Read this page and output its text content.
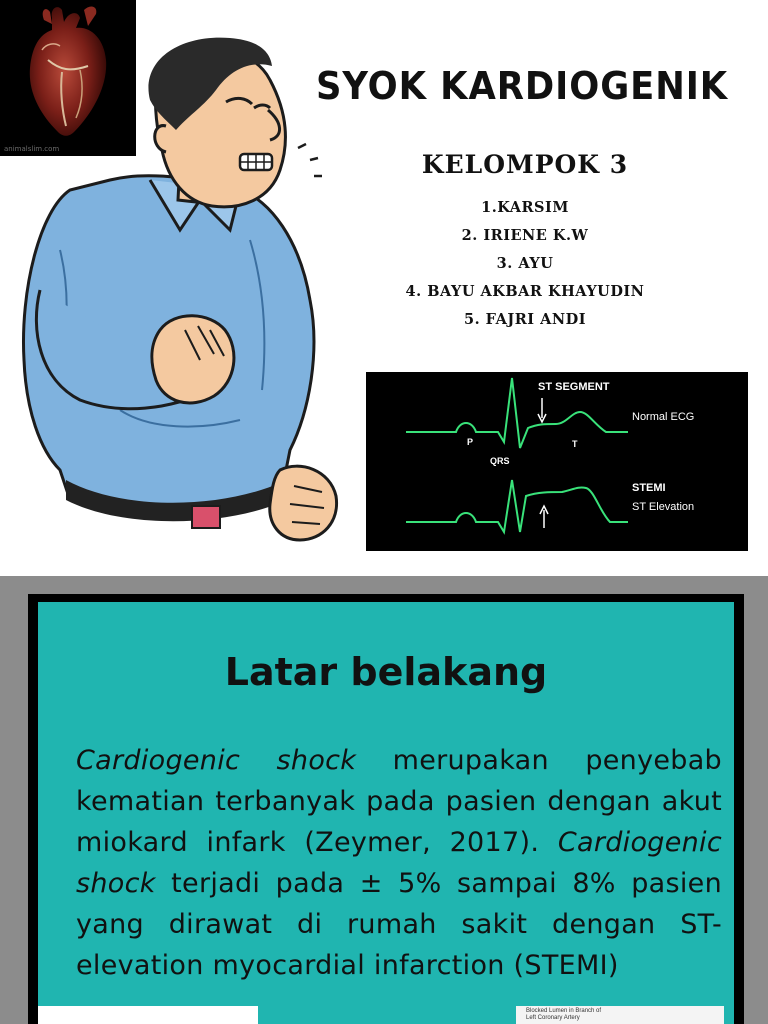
animalslim.com
SYOK KARDIOGENIK
KELOMPOK 3
1.KARSIM
2. IRIENE K.W
3. AYU
4. BAYU AKBAR KHAYUDIN
5. FAJRI ANDI
ST SEGMENT
Normal ECG
P
QRS
T
STEMI
ST Elevation
Latar belakang

Cardiogenic shock merupakan penyebab kematian terbanyak pada pasien dengan akut miokard infark (Zeymer, 2017). Cardiogenic shock terjadi pada ± 5% sampai 8% pasien yang dirawat di rumah sakit dengan ST-elevation myocardial infarction (STEMI)

Blocked Lumen in Branch of Left Coronary Artery
